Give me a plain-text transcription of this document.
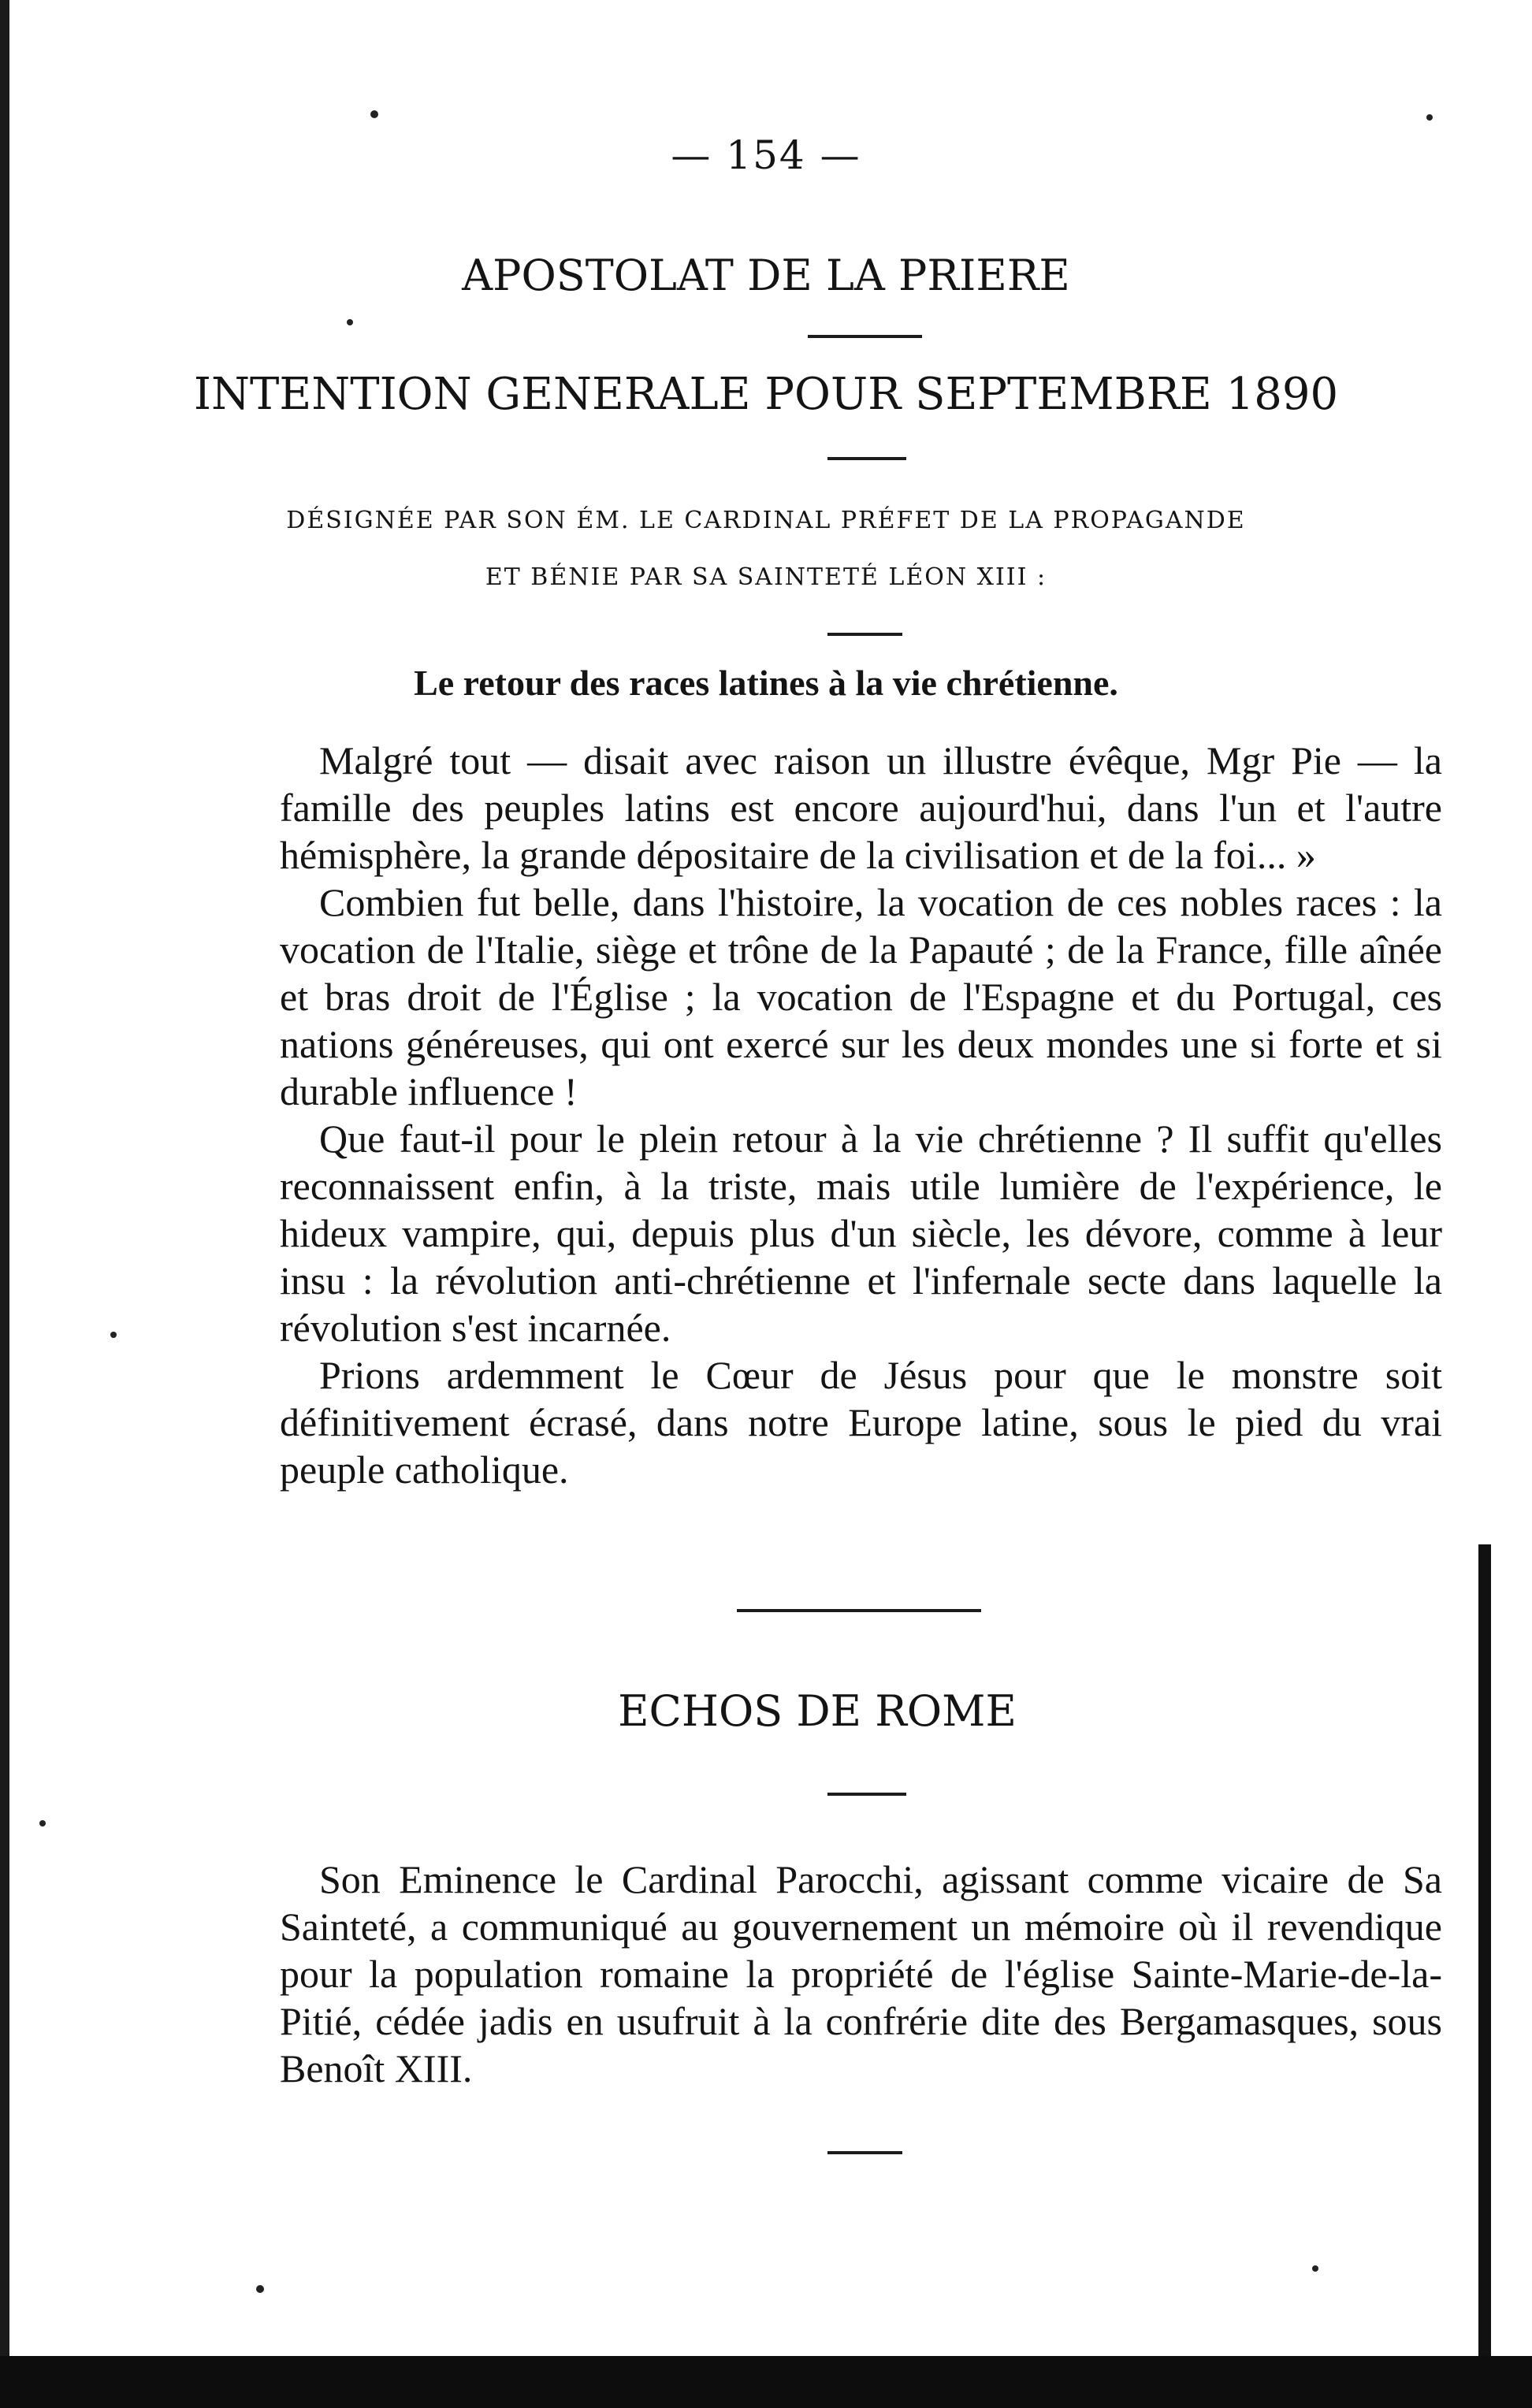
— 154 —
APOSTOLAT DE LA PRIERE
INTENTION GENERALE POUR SEPTEMBRE 1890
DÉSIGNÉE PAR SON ÉM. LE CARDINAL PRÉFET DE LA PROPAGANDE
ET BÉNIE PAR SA SAINTETÉ LÉON XIII :
Le retour des races latines à la vie chrétienne.

Malgré tout — disait avec raison un illustre évêque, Mgr Pie — la famille des peuples latins est encore aujourd'hui, dans l'un et l'autre hémisphère, la grande dépositaire de la civilisation et de la foi... »

Combien fut belle, dans l'histoire, la vocation de ces nobles races : la vocation de l'Italie, siège et trône de la Papauté ; de la France, fille aînée et bras droit de l'Église ; la vocation de l'Espagne et du Portugal, ces nations généreuses, qui ont exercé sur les deux mondes une si forte et si durable influence !

Que faut-il pour le plein retour à la vie chrétienne ? Il suffit qu'elles reconnaissent enfin, à la triste, mais utile lumière de l'expérience, le hideux vampire, qui, depuis plus d'un siècle, les dévore, comme à leur insu : la révolution anti-chrétienne et l'infernale secte dans laquelle la révolution s'est incarnée.

Prions ardemment le Cœur de Jésus pour que le monstre soit définitivement écrasé, dans notre Europe latine, sous le pied du vrai peuple catholique.

ECHOS DE ROME

Son Eminence le Cardinal Parocchi, agissant comme vicaire de Sa Sainteté, a communiqué au gouvernement un mémoire où il revendique pour la population romaine la propriété de l'église Sainte-Marie-de-la-Pitié, cédée jadis en usufruit à la confrérie dite des Bergamasques, sous Benoît XIII.
